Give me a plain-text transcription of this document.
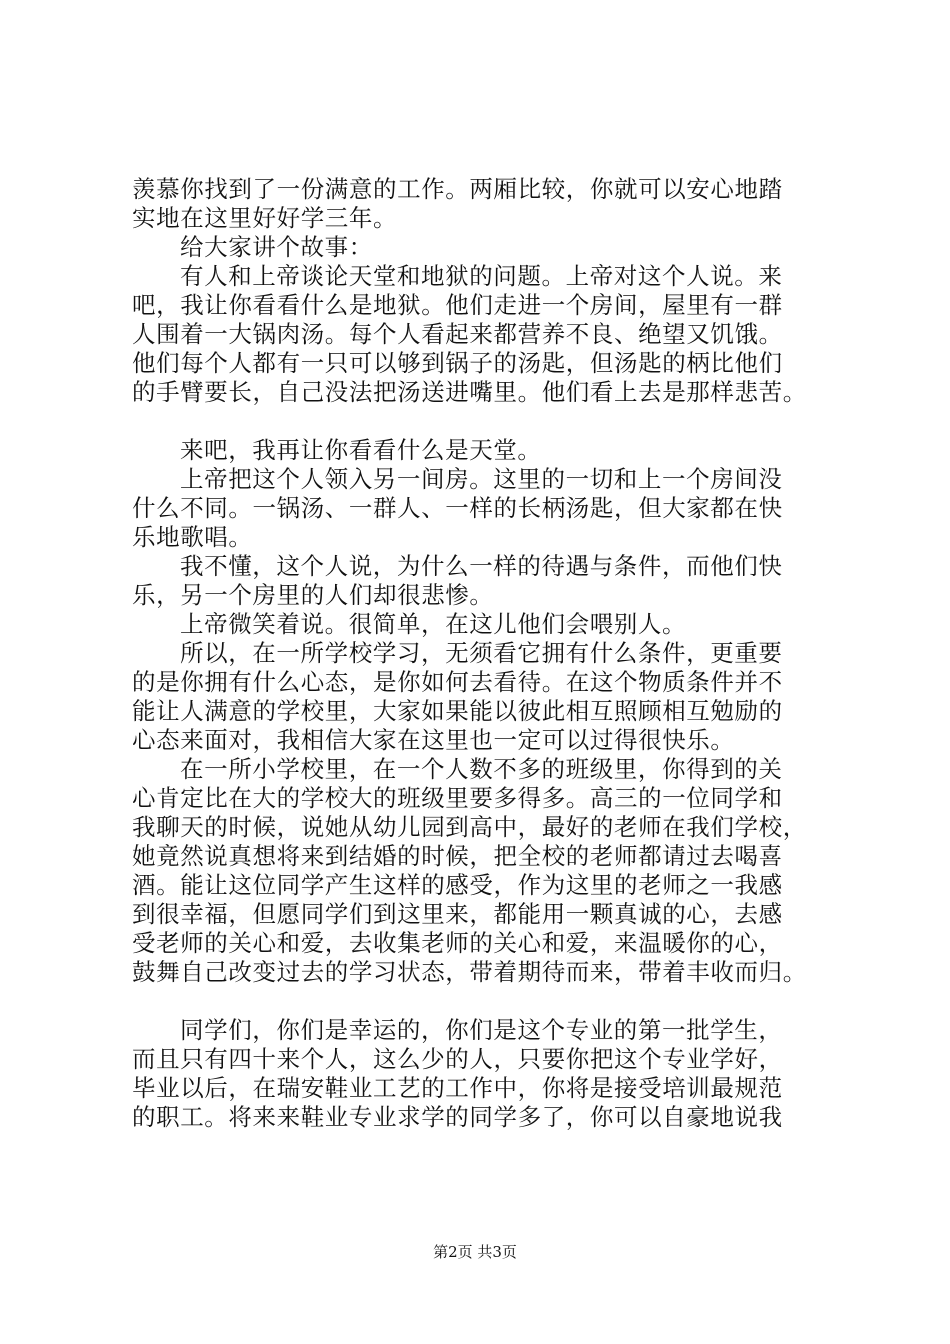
羡慕你找到了一份满意的工作。两厢比较，你就可以安心地踏
实地在这里好好学三年。
给大家讲个故事：
有人和上帝谈论天堂和地狱的问题。上帝对这个人说。来
吧，我让你看看什么是地狱。他们走进一个房间，屋里有一群
人围着一大锅肉汤。每个人看起来都营养不良、绝望又饥饿。
他们每个人都有一只可以够到锅子的汤匙，但汤匙的柄比他们
的手臂要长，自己没法把汤送进嘴里。他们看上去是那样悲苦。
来吧，我再让你看看什么是天堂。
上帝把这个人领入另一间房。这里的一切和上一个房间没
什么不同。一锅汤、一群人、一样的长柄汤匙，但大家都在快
乐地歌唱。
我不懂，这个人说，为什么一样的待遇与条件，而他们快
乐，另一个房里的人们却很悲惨。
上帝微笑着说。很简单，在这儿他们会喂别人。
所以，在一所学校学习，无须看它拥有什么条件，更重要
的是你拥有什么心态，是你如何去看待。在这个物质条件并不
能让人满意的学校里，大家如果能以彼此相互照顾相互勉励的
心态来面对，我相信大家在这里也一定可以过得很快乐。
在一所小学校里，在一个人数不多的班级里，你得到的关
心肯定比在大的学校大的班级里要多得多。高三的一位同学和
我聊天的时候，说她从幼儿园到高中，最好的老师在我们学校，
她竟然说真想将来到结婚的时候，把全校的老师都请过去喝喜
酒。能让这位同学产生这样的感受，作为这里的老师之一我感
到很幸福，但愿同学们到这里来，都能用一颗真诚的心，去感
受老师的关心和爱，去收集老师的关心和爱，来温暖你的心，
鼓舞自己改变过去的学习状态，带着期待而来，带着丰收而归。
同学们，你们是幸运的，你们是这个专业的第一批学生，
而且只有四十来个人，这么少的人，只要你把这个专业学好，
毕业以后，在瑞安鞋业工艺的工作中，你将是接受培训最规范
的职工。将来来鞋业专业求学的同学多了，你可以自豪地说我
第2页 共3页
